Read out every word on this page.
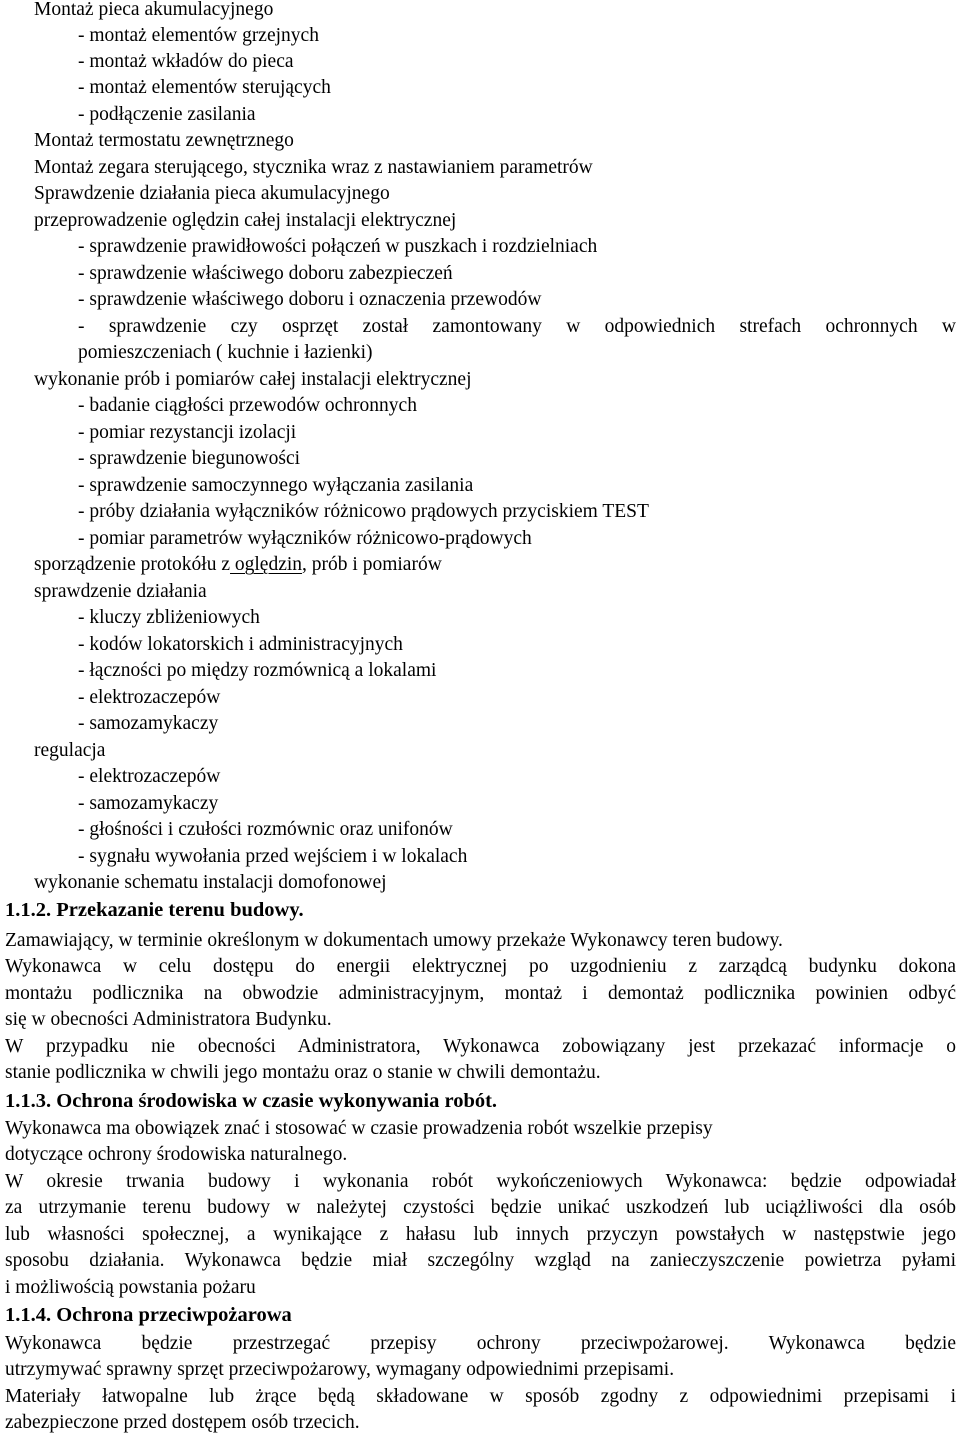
Montaż pieca akumulacyjnego

- montaż elementów grzejnych

- montaż wkładów do pieca

- montaż elementów sterujących

- podłączenie zasilania

Montaż termostatu zewnętrznego

Montaż zegara sterującego, stycznika wraz z nastawianiem parametrów

Sprawdzenie działania pieca akumulacyjnego

przeprowadzenie oględzin całej instalacji elektrycznej

- sprawdzenie prawidłowości połączeń w puszkach i rozdzielniach

- sprawdzenie właściwego doboru zabezpieczeń

- sprawdzenie właściwego doboru i oznaczenia przewodów

- sprawdzenie czy osprzęt został zamontowany w odpowiednich strefach ochronnych w

pomieszczeniach ( kuchnie i łazienki)

wykonanie prób i pomiarów całej instalacji elektrycznej

- badanie ciągłości przewodów ochronnych

- pomiar rezystancji izolacji

- sprawdzenie biegunowości

- sprawdzenie samoczynnego wyłączania zasilania

- próby działania wyłączników różnicowo prądowych przyciskiem TEST

- pomiar parametrów wyłączników różnicowo-prądowych

sporządzenie protokółu z oględzin, prób i pomiarów

sprawdzenie działania

- kluczy zbliżeniowych

- kodów lokatorskich i administracyjnych

- łączności po między rozmównicą a lokalami

- elektrozaczepów

- samozamykaczy

regulacja

- elektrozaczepów

- samozamykaczy

- głośności i czułości rozmównic oraz unifonów

- sygnału wywołania przed wejściem i w lokalach

wykonanie schematu instalacji domofonowej

1.1.2. Przekazanie terenu budowy.

Zamawiający, w terminie określonym w dokumentach umowy przekaże Wykonawcy teren budowy.

Wykonawca w celu dostępu do energii elektrycznej po uzgodnieniu z zarządcą budynku dokona

montażu podlicznika na obwodzie administracyjnym, montaż i demontaż podlicznika powinien odbyć

się w obecności Administratora Budynku.

W przypadku nie obecności Administratora, Wykonawca zobowiązany jest przekazać informacje o

stanie podlicznika w chwili jego montażu oraz o stanie w chwili demontażu.

1.1.3. Ochrona środowiska w czasie wykonywania robót.

Wykonawca ma obowiązek znać i stosować w czasie prowadzenia robót wszelkie przepisy

dotyczące ochrony środowiska naturalnego.

W okresie trwania budowy i wykonania robót wykończeniowych Wykonawca: będzie odpowiadał

za utrzymanie terenu budowy w należytej czystości będzie unikać uszkodzeń lub uciążliwości dla osób

lub własności społecznej, a wynikające z hałasu lub innych przyczyn powstałych w następstwie jego

sposobu działania. Wykonawca będzie miał szczególny wzgląd na zanieczyszczenie powietrza pyłami

i możliwością powstania pożaru

1.1.4. Ochrona przeciwpożarowa

Wykonawca będzie przestrzegać przepisy ochrony przeciwpożarowej. Wykonawca będzie

utrzymywać sprawny sprzęt przeciwpożarowy, wymagany odpowiednimi przepisami.

Materiały łatwopalne lub żrące będą składowane w sposób zgodny z odpowiednimi przepisami i

zabezpieczone przed dostępem osób trzecich.
